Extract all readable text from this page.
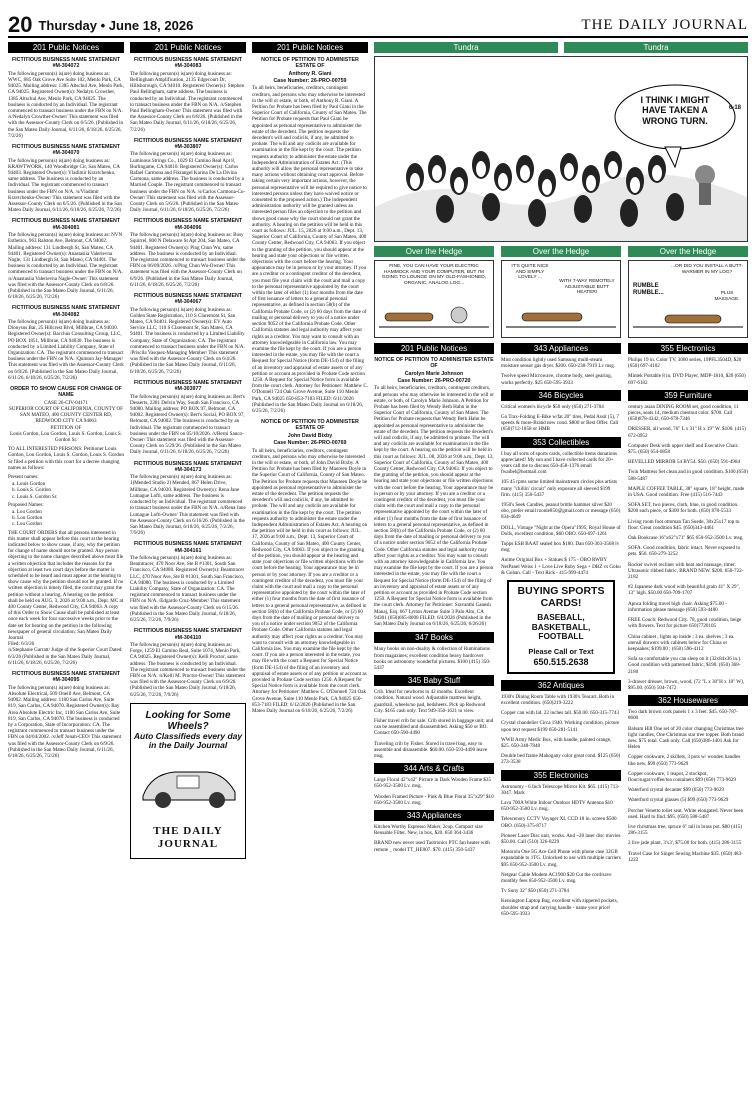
20 Thursday • June 18, 2026	THE DAILY JOURNAL
201 Public Notices
FICTITIOUS BUSINESS NAME STATEMENT #M-304072

The following person(s) is(are) doing business as: WWC, 885 Oak Grove Ave Suite 102, Menlo Park, CA 94025. Mailing address: 1385 Altschul Ave, Menlo Park, CA 94025. Registered Owner(s): Nedalyn Crowther, 1385 Altschul Ave, Menlo Park, CA 94025. The business is conducted by an Individual. The registrant commenced to transact business under the FBN on N/A. /s/Nedalyn Crowther-Owner/ This statement was filed with the Assessor-County Clerk on 6/5/26. (Published in the San Mateo Daily Journal, 6/11/26, 6/18/26, 6/25/26, 7/2/26)

FICTITIOUS BUSINESS NAME STATEMENT #M-304070

The following person(s) is(are) doing business as: KRAWTWORK, 140 Woodbridge Cir, San Mateo, CA 94403. Registered Owner(s): Vladimir Kravtchenko, same address. The business is conducted by an Individual. The registrant commenced to transact business under the FBN on N/A. /s/Vladimir Kravtchenko-Owner/ This statement was filed with the Assessor-County Clerk on 6/5/26. (Published in the San Mateo Daily Journal, 6/11/26, 6/18/26, 6/25/26, 7/2/26)

FICTITIOUS BUSINESS NAME STATEMENT #M-304081

The following person(s) is(are) doing business as: NVN Esthetics, 963 Ralston Ave, Belmont, CA 94002. Mailing address: 131 Lindbergh St, San Mateo, CA 94401. Registered Owner(s): Anastasiia Valerievna Nagle, 131 Lindbergh St, San Mateo, CA 94401. The business is conducted by an Individual. The registrant commenced to transact business under the FBN on N/A. /s/Anastasiia Valerievna Nagle-Owner/ This statement was filed with the Assessor-County Clerk on 6/8/26. (Published in the San Mateo Daily Journal, 6/11/26, 6/18/26, 6/25/26, 7/2/26)

FICTITIOUS BUSINESS NAME STATEMENT #M-304082

The following person(s) is(are) doing business as: Dionysus Bar, 25 Hillcrest Blvd, Millbrae, CA 94030. Registered Owner(s): Bacchus Consulting Group, LLC, PO BOX 1851, Millbrae, CA 94030. The business is conducted by a Limited Liability Company, State of Organization: CA. The registrant commenced to transact business under the FBN on N/A. /Quinton Jay-Manager/ This statement was filed with the Assessor-County Clerk on 6/8/26. (Published in the San Mateo Daily Journal, 6/11/26, 6/18/26, 6/25/26, 7/2/26)

ORDER TO SHOW CAUSE FOR CHANGE OF NAME

CASE 26-CIV-04171

SUPERIOR COURT OF CALIFORNIA, COUNTY OF SAN MATEO, 400 COUNTY CENTER RD, REDWOOD CITY CA 94063

PETITION OF

Louis Gordon, Lou Gordon, Louis S. Gordon, Louis S. Gordon Sr.

TO ALL INTERESTED PERSONS: Petitioner Louis Gordon, Lou Gordon, Louis S. Gordon, Louis S. Gordon Sr filed a petition with this court for a decree changing names as follows:

Present names:

a. Louis Gordon
b. Louis S. Gordon
c. Louis S. Gordon Sr.

Proposed Names:

a. Lou Gordon
b. Lou Gordon
c. Lou Gordon

THE COURT ORDERS that all persons interested in this matter shall appear before this court at the hearing indicated below to show cause, if any, why the petition for change of name should not be granted. Any person objecting to the name changes described above must file a written objection that includes the reasons for the objection at least two court days before the matter is scheduled to be heard and must appear at the hearing to show cause why the petition should not be granted. If no written objection is timely filed, the court may grant the petition without a hearing. A hearing on the petition shall be held on AUG. 3, 2026 at 9:00 a.m., Dept. MC at 400 County Center, Redwood City, CA 94063. A copy of this Order to Show Cause shall be published at least once each week for four successive weeks prior to the date set for hearing on the petition in the following newspaper of general circulation: San Mateo Daily Journal

Filed: 6/3/26

/s/Stephanie Garratt/ Judge of the Superior Court Dated: 6/3/26 (Published in the San Mateo Daily Journal, 6/11/26, 6/18/26, 6/25/26, 7/2/26)

FICTITIOUS BUSINESS NAME STATEMENT #M-304095

The following person(s) is(are) doing business as: Absolute Electrical, 509 Oneill Ave, Belmont, CA 94002. Mailing address: 1180 San Carlos Ave, Suite 819, San Carlos, CA 94070. Registered Owner(s): Bay Area Absolute Electric Inc, 1180 San Carlos Ave, Suite 819, San Carlos, CA 94070. The business is conducted by a Corporation, State of Incorporation: CA. The registrant commenced to transact business under the FBN on 04/04/2002. /s/Jeff Jonah-CEO/ This statement was filed with the Assessor-County Clerk on 6/9/26. (Published in the San Mateo Daily Journal, 6/11/26, 6/18/26, 6/25/26, 7/2/26)

201 Public Notices
FICTITIOUS BUSINESS NAME STATEMENT #M-304083

The following person(s) is(are) doing business as: Bellingham Amplification, 2135 Edgecourt Dr, Hillsborough, CA 94010. Registered Owner(s): Stephen Paul Bellingham, same address. The business is conducted by an Individual. The registrant commenced to transact business under the FBN on N/A. /s/Stephen Paul Bellingham-Owner/ This statement was filed with the Assessor-County Clerk on 6/8/26. (Published in the San Mateo Daily Journal, 6/11/26, 6/18/26, 6/25/26, 7/2/26)

FICTITIOUS BUSINESS NAME STATEMENT #M-303807

The following person(s) is(are) doing business as: Luminous Strings Co., 1029 El Camino Real Apt 8, Burlingame, CA 94010. Registered Owner(s): Carlos Rafael Carmona and Fikrangel Karina De La Divina Carmona, same address. The business is conducted by a Married Couple. The registrant commenced to transact business under the FBN on N/A. /s/Carlos Carmona-Co-Owner/ This statement was filed with the Assessor-County Clerk on 5/6/26. (Published in the San Mateo Daily Journal, 6/11/26, 6/18/26, 6/25/26, 7/2/26)

FICTITIOUS BUSINESS NAME STATEMENT #M-304096

The following person(s) is(are) doing business as: Busy Squirrel, 800 N Delaware St Apt 204, San Mateo, CA 94401. Registered Owner(s): Ping Chun Wu, same address. The business is conducted by an Individual. The registrant commenced to transact business under the FBN on 06/09/2026. /s/Ping Chun Wu-Owner/ This statement was filed with the Assessor-County Clerk on 6/9/26. (Published in the San Mateo Daily Journal, 6/11/26, 6/18/26, 6/25/26, 7/2/26)

FICTITIOUS BUSINESS NAME STATEMENT #M-304067

The following person(s) is(are) doing business as: Golden State Registration, 110 S Claremont St, San Mateo, CA 94401. Registered Owner(s): EV Auto Service LLC, 110 S Claremont St, San Mateo, CA 94401. The business is conducted by a Limited Liability Company, State of Organization: CA. The registrant commenced to transact business under the FBN on N/A. /Priscila Vasquez-Managing Member/ This statement was filed with the Assessor-County Clerk on 6/4/26. (Published in the San Mateo Daily Journal, 6/11/26, 6/18/26, 6/25/26, 7/2/26)

FICTITIOUS BUSINESS NAME STATEMENT #M-303977

The following person(s) is(are) doing business as: Bert's Desserts, 2281 Delvin Way, South San Francisco, CA 94080. Mailing address: PO BOX 97, Belmont, CA 94002. Registered Owner(s): Bert's Social, PO BOX 97, Belmont, CA 94002. The business is conducted by an Individual. The registrant commenced to transact business under the FBN on 05/10/2026. /s/Berni Sanco-Owner/ This statement was filed with the Assessor-County Clerk on 5/29/26. (Published in the San Mateo Daily Journal, 6/11/26, 6/18/26, 6/25/26, 7/2/26)

FICTITIOUS BUSINESS NAME STATEMENT #M-304173

The following person(s) is(are) doing business as: 1)Mended Studio 2) Mended, 867 Helen Drive, Millbrae, CA 94030. Registered Owner(s): Rena Jane Lumague Lofti, same address. The business is conducted by an Individual. The registrant commenced to transact business under the FBN on N/A. /s/Rena Jane Lumague Lofti-Owner/ This statement was filed with the Assessor-County Clerk on 6/16/26. (Published in the San Mateo Daily Journal, 6/18/26, 6/25/26, 7/2/26, 7/9/26)

FICTITIOUS BUSINESS NAME STATEMENT #M-304161

The following person(s) is(are) doing business as: Beamtracer, 470 Noor Ave, Ste B #1301, South San Francisco, CA 94080. Registered Owner(s): Beamtracer LLC, 470 Noor Ave, Ste B #1301, South San Francisco, CA 94080. The business is conducted by a Limited Liability Company, State of Organization: CA. The registrant commenced to transact business under the FBN on N/A. /Edgardo Cruz-Member/ This statement was filed with the Assessor-County Clerk on 6/15/26. (Published in the San Mateo Daily Journal, 6/18/26, 6/25/26, 7/2/26, 7/9/26)

FICTITIOUS BUSINESS NAME STATEMENT #M-304110

The following person(s) is(are) doing business as: Forge, 1259 El Camino Real, Suite 1074, Menlo Park, CA 94025. Registered Owner(s): Kelli Proctor, same address. The business is conducted by an Individual. The registrant commenced to transact business under the FBN on N/A. /s/Kelli M. Proctor-Owner/ This statement was filed with the Assessor-County Clerk on 6/9/26. (Published in the San Mateo Daily Journal, 6/18/26, 6/25/26, 7/2/26, 7/9/26)

Looking for Some Wheels?
Auto Classifieds every day in the Daily Journal
THE DAILY JOURNAL
201 Public Notices
NOTICE OF PETITION TO ADMINISTER ESTATE OF
Anthony R. Giani
Case Number: 26-PRO-00759

To all heirs, beneficiaries, creditors, contingent creditors, and persons who may otherwise be interested in the will or estate, or both, of Anthony R. Giani. A Petition for Probate has been filed by Paul Giani in the Superior Court of California, County of San Mateo. The Petition for Probate requests that Paul Giani be appointed as personal representative to administer the estate of the decedent. The petition requests the decedent's will and codicils, if any, be admitted to probate. The will and any codicils are available for examination in the file kept by the court. The petition requests authority to administer the estate under the Independent Administration of Estates Act. (This authority will allow the personal representative to take many actions without obtaining court approval. Before taking certain very important actions, however, the personal representative will be required to give notice to interested persons unless they have waived notice or consented to the proposed action.) The independent administration authority will be granted unless an interested person files an objection to the petition and shows good cause why the court should not grant the authority. A hearing on the petition will be held in this court as follows: JUL. 15, 2026 at 9:00 a.m., Dept. 13, Superior Court of California, County of San Mateo, 400 County Center, Redwood City, CA 94063. If you object to the granting of the petition, you should appear at the hearing and state your objections or file written objections with the court before the hearing. Your appearance may be in person or by your attorney. If you are a creditor or a contingent creditor of the decedent, you must file your claim with the court and mail a copy to the personal representative appointed by the court within the later of either (1) four months from the date of first issuance of letters to a general personal representative, as defined in section 58(b) of the California Probate Code, or (2) 60 days from the date of mailing or personal delivery to you of a notice under section 9052 of the California Probate Code. Other California statutes and legal authority may affect your rights as a creditor. You may want to consult with an attorney knowledgeable in California law. You may examine the file kept by the court. If you are a person interested in the estate, you may file with the court a Request for Special Notice (form DE-154) of the filing of an inventory and appraisal of estate assets or of any petition or account as provided in Probate Code section 1250. A Request for Special Notice form is available from the court clerk. Attorney for Petitioner: Matthew C. O'Donnell 724 Oak Grove Avenue, Suite 110 Menlo Park, CA 94025 650-853-7183 FILED: 6/11/2026 (Published in the San Mateo Daily Journal on 6/18/26, 6/25/26, 7/2/26)

NOTICE OF PETITION TO ADMINISTER ESTATE OF
John David Bixby
Case Number: 26-PRO-00769

To all heirs, beneficiaries, creditors, contingent creditors, and persons who may otherwise be interested in the will or estate, or both, of John David Bixby. A Petition for Probate has been filed by Maureen Doyle in the Superior Court of California, County of San Mateo. The Petition for Probate requests that Maureen Doyle be appointed as personal representative to administer the estate of the decedent. The petition requests the decedent's will and codicils, if any, be admitted to probate. The will and any codicils are available for examination in the file kept by the court. The petition requests authority to administer the estate under the Independent Administration of Estates Act. A hearing on the petition will be held in this court as follows: JUL. 17, 2026 at 9:00 a.m., Dept. 13, Superior Court of California, County of San Mateo, 400 County Center, Redwood City, CA 94063. If you object to the granting of the petition, you should appear at the hearing and state your objections or file written objections with the court before the hearing. Your appearance may be in person or by your attorney. If you are a creditor or a contingent creditor of the decedent, you must file your claim with the court and mail a copy to the personal representative appointed by the court within the later of either (1) four months from the date of first issuance of letters to a general personal representative, as defined in section 58(b) of the California Probate Code, or (2) 60 days from the date of mailing or personal delivery to you of a notice under section 9052 of the California Probate Code. Other California statutes and legal authority may affect your rights as a creditor. You may want to consult with an attorney knowledgeable in California law. You may examine the file kept by the court. If you are a person interested in the estate, you may file with the court a Request for Special Notice (form DE-154) of the filing of an inventory and appraisal of estate assets or of any petition or account as provided in Probate Code section 1250. A Request for Special Notice form is available from the court clerk. Attorney for Petitioner: Matthew C. O'Donnell 724 Oak Grove Avenue, Suite 110 Menlo Park, CA 94025 650-853-7183 FILED: 6/12/2026 (Published in the San Mateo Daily Journal on 6/18/26, 6/25/26, 7/2/26)

Tundra	Tundra
I THINK I MIGHT HAVE TAKEN A WRONG TURN.
6-18
Over the Hedge	Over the Hedge	Over the Hedge
FINE, YOU CAN HAVE YOUR ELECTRIC HAMMOCK AND YOUR COMPUTER, BUT I'M GOING TO LOUNGE ON MY OLD-FASHIONED, ORGANIC, ANALOG LOG...
IT'S QUITE NICE AND SIMPLY LOVELY ...
WITH 7-WAY REMOTELY ADJUSTABLE BUTT HEATER!
...OR DID YOU INSTALL A BUTT-WARMER IN MY LOG?
RUMBLE RUMBLE...	PLUS MASSAGE.
201 Public Notices
NOTICE OF PETITION TO ADMINISTER ESTATE OF
Carolyn Marie Johnson
Case Number: 26-PRO-00720

To all heirs, beneficiaries, creditors, contingent creditors, and persons who may otherwise be interested in the will or estate, or both, of Carolyn Marie Johnson. A Petition for Probate has been filed by Wendy Beth Hahn in the Superior Court of California, County of San Mateo. The Petition for Probate requests that Wendy Beth Hahn be appointed as personal representative to administer the estate of the decedent. The petition requests the decedent's will and codicils, if any, be admitted to probate. The will and any codicils are available for examination in the file kept by the court. A hearing on the petition will be held in this court as follows: JUL. 08, 2026 at 9:00 a.m., Dept. 13, Superior Court of California, County of San Mateo, 400 County Center, Redwood City, CA 94063. If you object to the granting of the petition, you should appear at the hearing and state your objections or file written objections with the court before the hearing. Your appearance may be in person or by your attorney. If you are a creditor or a contingent creditor of the decedent, you must file your claim with the court and mail a copy to the personal representative appointed by the court within the later of either (1) four months from the date of first issuance of letters to a general personal representative, as defined in section 58(b) of the California Probate Code, or (2) 60 days from the date of mailing or personal delivery to you of a notice under section 9052 of the California Probate Code. Other California statutes and legal authority may affect your rights as a creditor. You may want to consult with an attorney knowledgeable in California law. You may examine the file kept by the court. If you are a person interested in the estate, you may file with the court a Request for Special Notice (form DE-154) of the filing of an inventory and appraisal of estate assets or of any petition or account as provided in Probate Code section 1250. A Request for Special Notice form is available from the court clerk. Attorney for Petitioner: Sravanthi Ganesh Manaj, Esq. 667 Lytton Avenue Suite 3 Palo Alto, CA 94301 (650)665-8000 FILED: 6/4/2026 (Published in the San Mateo Daily Journal on 6/18/26, 6/25/26, 6/26/26)

347 Books
Many books on non-duality & collection of Ruminations from magazines; excellent condition heavy hardcover books on astronomy wonderful pictures. $100 (415) 350-5437
345 Baby Stuff
Crib. Ideal for newborns to 42 months. Excellent condition. Natural wood. Adjustable mattress height, guardrail, wheels/no pad, bedsheets. Pick up Redwood City. $165 cash only. Text 949-350-1621 to view.
Fisher travel crib for sale. Crib stored in baggage unit; and can be assembled and disassembled. Asking $50 or BO. Contact 650-590-4490
Traveling crib by Fisher. Stored in travel bag, easy to assemble and disassemble. $60.00. 650-593-4490 leave msg.
344 Arts & Crafts
Large Floral 42"x42" Picture in Dark Wooden Frame $35 650-952-3500 Lv. msg.
Wooden Framed Picture - Pink & Blue Floral 35"x29" $10 650-952-3500 Lv. msg.
343 Appliances
Kitchen Worthy Espresso Maker, 2cup. Compact size Reusable Filter, New, in box, $20. 650 364-3436
BRAND new never used Taotronics PTC fan heater with remote _ model TT_HE007. $70. (415) 350-5437
343 Appliances
Mint condition lightly used Samsung multi-steam moisture sensor gas dryer. $200. 650-238-7919 Lv msg.
Twelve speed Microwave, chrome body, steel gearing, works perfectly. $25 650-595-3933
346 Bicycles
Critical women's bicycle $50 only (650) 271-3784
Go Trax-Folding E-Bike w/fat 20" tires, Pedal Assit (5), 7 speeds & more-Brand new cond. $800 or Best Offer. Call (650)712-1858 or HMB
353 Collectibles
I buy all sorts of sports cards, collectible items donations appreciated! My son and I have collected cards for 20+ years call me to discuss 650-458-1376 email fwaibel@hotmail.com
105 45 rpms some limited mainstream circles plus artists many "chillin' circuit" only exposure all sleeved $199 firm. (415) 350-5437
1950's Seek Candles, peanut brittle hammer silver $20 obo, prefer email rzonle850@gmail.com or message (650) 834-4649
DOLL, Vintage "Night at the Opera"1995, Royal House of Dolls, excellent condition, $60 OBO. 650-697-1261
Topps ESB BAAT sealed box $180. Dan 650-303-3568 lv msg
Anime Original Box + Statues $ 175 - OBO RWBY NetPanel Weiss 1 + Love Live Ruby Sega + DBZ vs Goku & Gohan. Call - Text Rick - 415-999-4474
BUYING SPORTS CARDS!
BASEBALL, BASKETBALL, FOOTBALL
Please Call or Text
650.515.2638
362 Antiques
1930's Dining Room Table with 1930's Teacart. Both in excellent condition. (650)219-3222
Copper can with lid. 22 inches tall. $50.00. 650-315-7743
Crystal chandelier Circa 1940. Working condition, picture upon text request $199 650-281-5141
WWII Army Medic Box, with handle, painted orange, $25. 650-348-7848
Double bed frame Mahogany color great cond. $125 (650) 273-3538
355 Electronics
Astronomy - 6 Inch Telescope Mirror Kit. $65. (415) 713-3047. Mark
Lava 700A White Indoor Outdoor HDTV Antenna $10 650-952-3500 Lv. msg.
Telescenory CCTV Voyager XL CCD 18 in. screen $500 OBO. (650)-375-8717
Pioneer Laser Disc unit, works. And ~20 laser disc movies $50.00. Call (510) 326-8229
Motorola One 5G Ace Cell Phone with phone case 32GB expandable to 1TG. Unlocked to use with multiple carriers $95 650-952-3500 Lv. msg.
Netgear Cable Modem AC1900 $20 Cut the cord/save monthly fees 650-952-3500 Lv. msg.
Tv Sony 32" $50 (650) 271-3784
Kensington Laptop Bag, excellent with zippered pockets, shoulder strap and carrying handle - name your price! 650-595-3933
355 Electronics
Philips 19 in. Color TV, 3000 series, 19PFL3504D, $20 (650) 697-4102
Mintek Portable 8 in. DVD Player, MDP-1810, $20 (650) 697-6182
359 Furniture
century asian DINING ROOM set, good condition, 11 pieces, seats 14, medium chestnut color. $700. Call (650)878-4342, 650-678-7346
DRESSER, all wood, 76" L x 31" H x 19" W. $100. (415) 672-0952
Computer Desk with upper shelf and Executive Chair. $75. (650) 654-0858
BEVELLED MIRROR 54 BY54. $50. (650) 591-4984
Twin Mattress Set clean and in good condition. $100.(650) 588-5487
MAPLE COFFEE TABLE, 38" square, 18" height, made in USA. Good condition. Free (415) 516-7443
SOFA SET, two pieces, cloth, blue, in good condition. $200 each piece, or $300 for both. (650) 878-5533
Living room foot ottoman Tan Suede, 30x25x17 top to floor. Great condition $45. (650)343-4461
Oak Bookcase 16"x62"x71" $65 650-952-3500 Lv. msg.
SOFA. Good condition, fabric intact. Never exposed to pets. $50. 650-279-3252
Rocker swivel recliner with heat and massage, timer. Ultrasonic ribbed fabric, BRAND NEW. $200. 650-722-2182
#2 Japanese dark wood with beautiful grain 41" X 29", 13" high. $50.00 650-709-1707
Apnca folding travel high chair. Asking $75.00 - information please message (650) 593-4480
FREE Couch: Redwood City. 78, good condition, beige with flowers. Text for picture 650)7720105
China cabinet , lights up inside ; 3 ea. shelves ; 3 ea. utensil drawers with cabinets below for China or keepsakes; $199.00 ; (650) 596-4112
Sofa so comfortable you can sleep on it (32x84x36 in.). Good condition with patterned fabric, $190. (650) 368-2180
3-drawer dresser, brown, wood, (72 "L x 30"H x 18" W), $95.00. (650) 504-7472
362 Housewares
Two dark brown cork panels 1 x 3 feet. $45. 650-787-8600
Balsam Hill One set of 20 color changing Christmas tree light candles, One Christmas star tree topper. Both brand new. $75 total. Cash only. Call (650)386-1401 Ask for Helen
Copper cookware, 2 skillets, 3 pots w/ wooden handles like new, $99 (650) 773-9629
Copper cookware, 1 teapot, 2 stockpot, flour/sugar/coffee/tea containers $99 (650) 773-9629
Waterford crystal decanter $99 (650) 773-9629
Waterford crystal glasses (5) $99 (650) 773-9629
Porcher Venetto toilet seat. White elongated. Never been used. Hard to find. $95. (650) 588-5487
live christmas tree, spruce 6" tall in brass pot. $80 (415) 286-3155
2 live jade plant, 3'x3', $75.00 for both. (415) 286-3155
Travel Case for Singer Sewing Machine $35. (650) 483-1222
